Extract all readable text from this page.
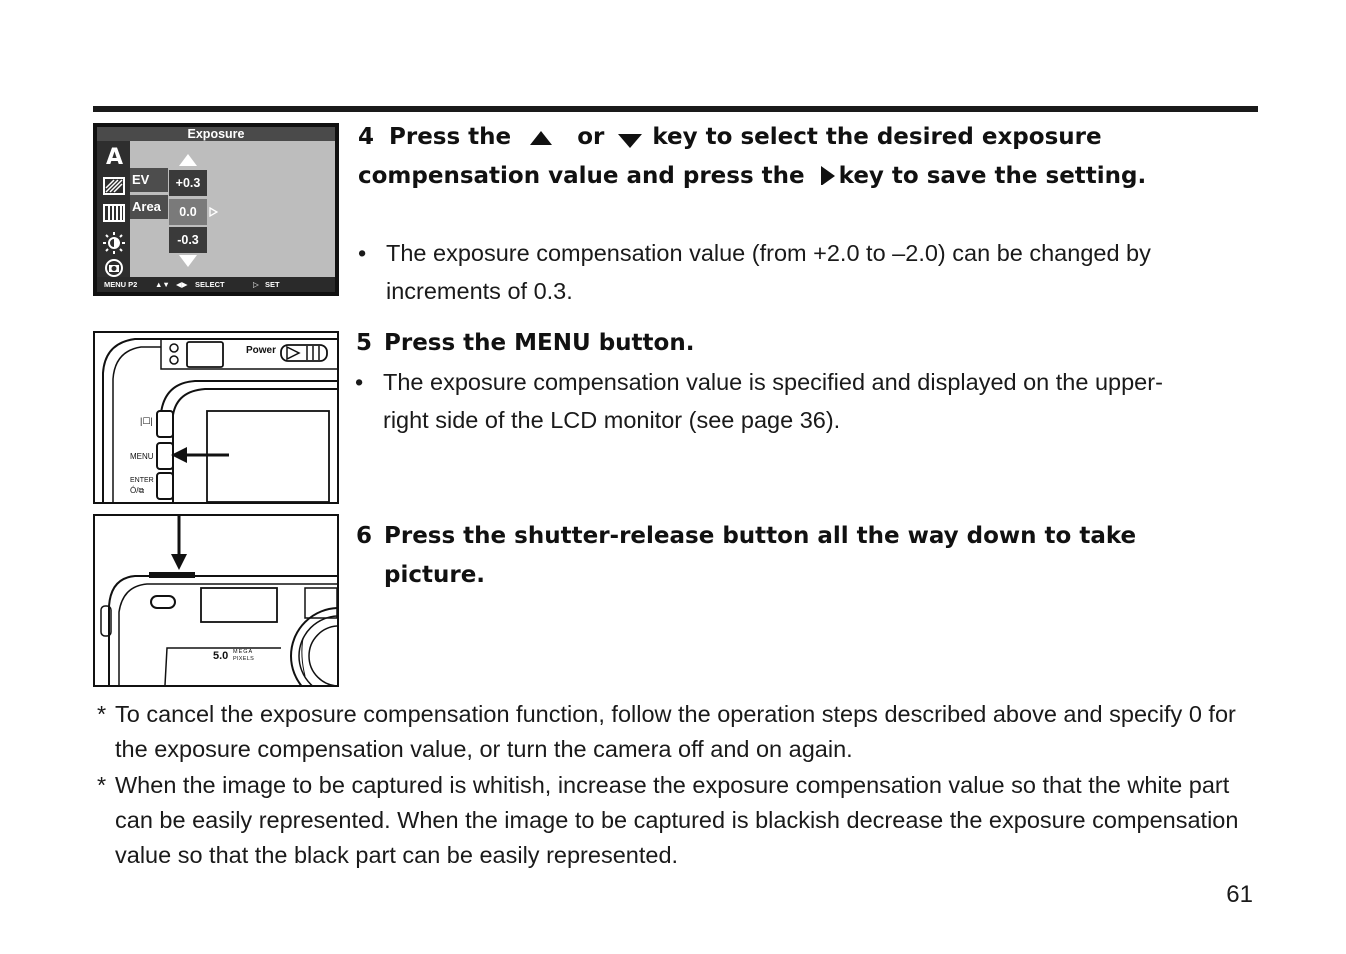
Exposure
A
EV
Area
+0.3
0.0
-0.3
MENU P2 ▲▼ ◀▶ SELECT	▷ SET
Power
|☐|
MENU
ENTER
Ó/⧉
5.0 MEGA
PIXELS
4 Press the	or key to select the desired exposure compensation value and press the key to save the setting.
• The exposure compensation value (from +2.0 to –2.0) can be changed by increments of 0.3.
5 Press the MENU button.
• The exposure compensation value is specified and displayed on the upper- right side of the LCD monitor (see page 36).
6 Press the shutter-release button all the way down to take picture.
* To cancel the exposure compensation function, follow the operation steps described above and specify 0 for the exposure compensation value, or turn the camera off and on again.
* When the image to be captured is whitish, increase the exposure compensation value so that the white part can be easily represented. When the image to be captured is blackish decrease the exposure compensation value so that the black part can be easily represented.
61
